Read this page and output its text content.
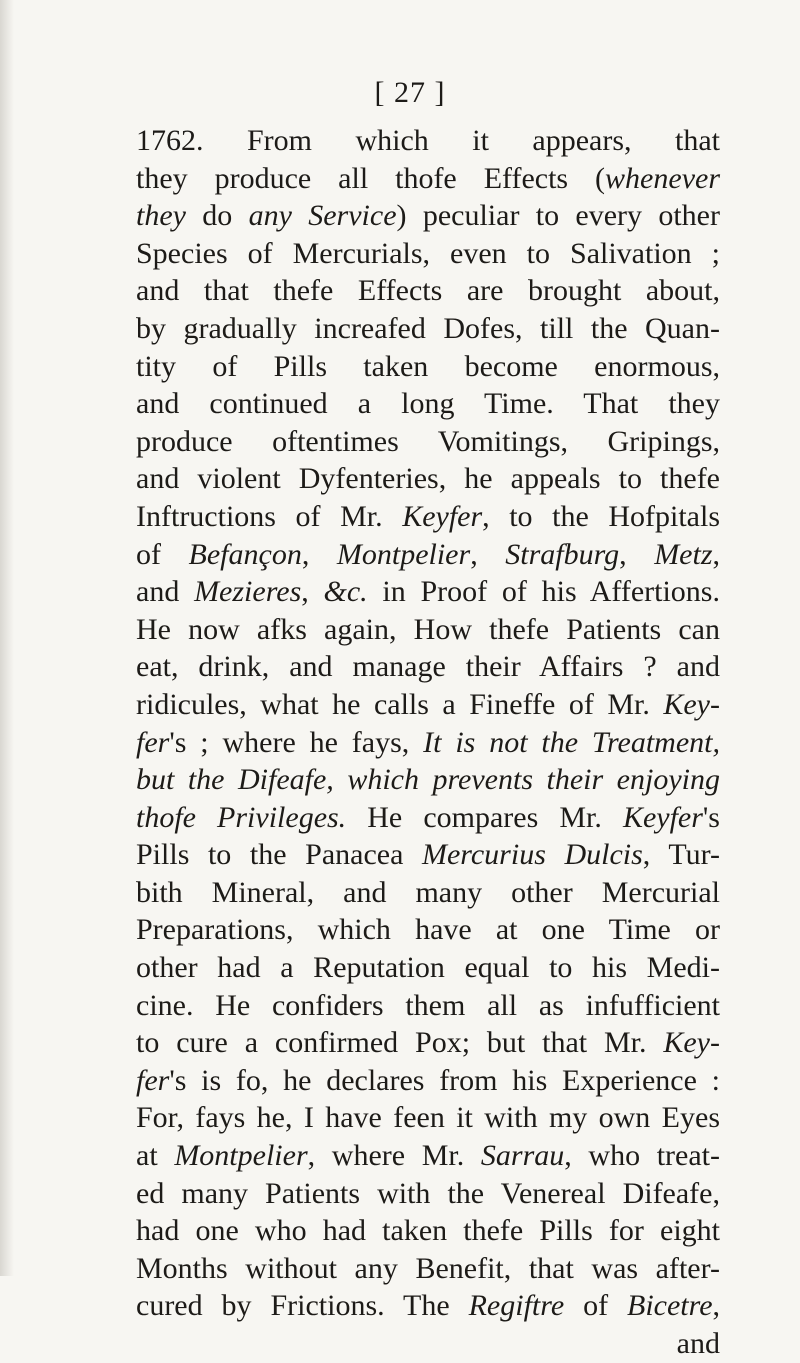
[ 27 ]
1762. From which it appears, that
they produce all thofe Effects (whenever
they do any Service) peculiar to every other
Species of Mercurials, even to Salivation ;
and that thefe Effects are brought about,
by gradually increafed Dofes, till the Quan-
tity of Pills taken become enormous,
and continued a long Time. That they
produce oftentimes Vomitings, Gripings,
and violent Dyfenteries, he appeals to thefe
Inftructions of Mr. Keyfer, to the Hofpitals
of Befançon, Montpelier, Strafburg, Metz,
and Mezieres, &c. in Proof of his Affertions.
He now afks again, How thefe Patients can
eat, drink, and manage their Affairs ? and
ridicules, what he calls a Fineffe of Mr. Key-
fer's ; where he fays, It is not the Treatment,
but the Difeafe, which prevents their enjoying
thofe Privileges. He compares Mr. Keyfer's
Pills to the Panacea Mercurius Dulcis, Tur-
bith Mineral, and many other Mercurial
Preparations, which have at one Time or
other had a Reputation equal to his Medi-
cine. He confiders them all as infufficient
to cure a confirmed Pox; but that Mr. Key-
fer's is fo, he declares from his Experience :
For, fays he, I have feen it with my own Eyes
at Montpelier, where Mr. Sarrau, who treat-
ed many Patients with the Venereal Difeafe,
had one who had taken thefe Pills for eight
Months without any Benefit, that was after-
cured by Frictions. The Regiftre of Bicetre,
and
